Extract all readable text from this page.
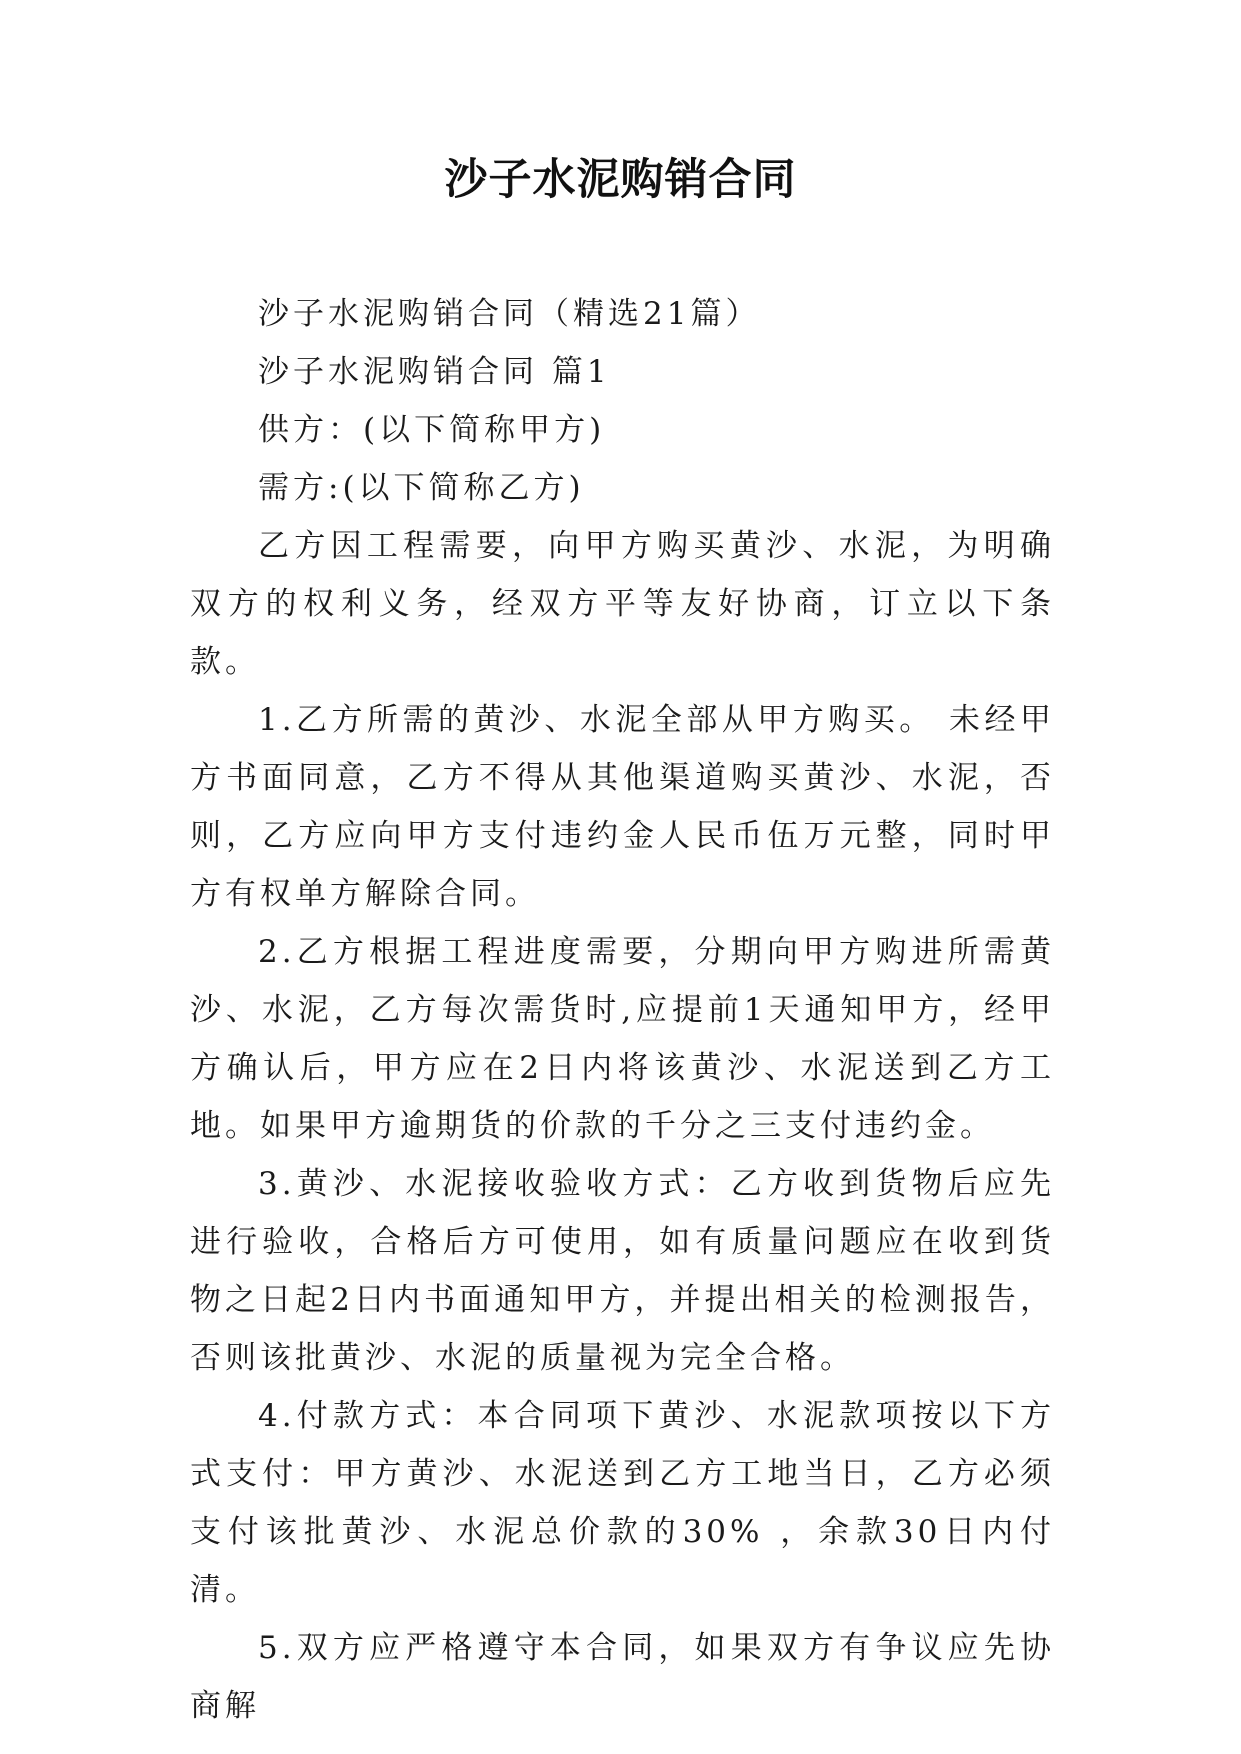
沙子水泥购销合同

沙子水泥购销合同（精选21篇）

沙子水泥购销合同 篇1

供方：(以下简称甲方)

需方:(以下简称乙方)

乙方因工程需要，向甲方购买黄沙、水泥，为明确双方的权利义务，经双方平等友好协商，订立以下条款。

1.乙方所需的黄沙、水泥全部从甲方购买。 未经甲方书面同意，乙方不得从其他渠道购买黄沙、水泥，否则，乙方应向甲方支付违约金人民币伍万元整，同时甲方有权单方解除合同。

2.乙方根据工程进度需要，分期向甲方购进所需黄沙、水泥，乙方每次需货时,应提前1天通知甲方，经甲方确认后，甲方应在2日内将该黄沙、水泥送到乙方工地。如果甲方逾期货的价款的千分之三支付违约金。

3.黄沙、水泥接收验收方式：乙方收到货物后应先进行验收，合格后方可使用，如有质量问题应在收到货物之日起2日内书面通知甲方，并提出相关的检测报告，否则该批黄沙、水泥的质量视为完全合格。

4.付款方式：本合同项下黄沙、水泥款项按以下方式支付：甲方黄沙、水泥送到乙方工地当日，乙方必须支付该批黄沙、水泥总价款的30% ，余款30日内付清。

5.双方应严格遵守本合同，如果双方有争议应先协商解
